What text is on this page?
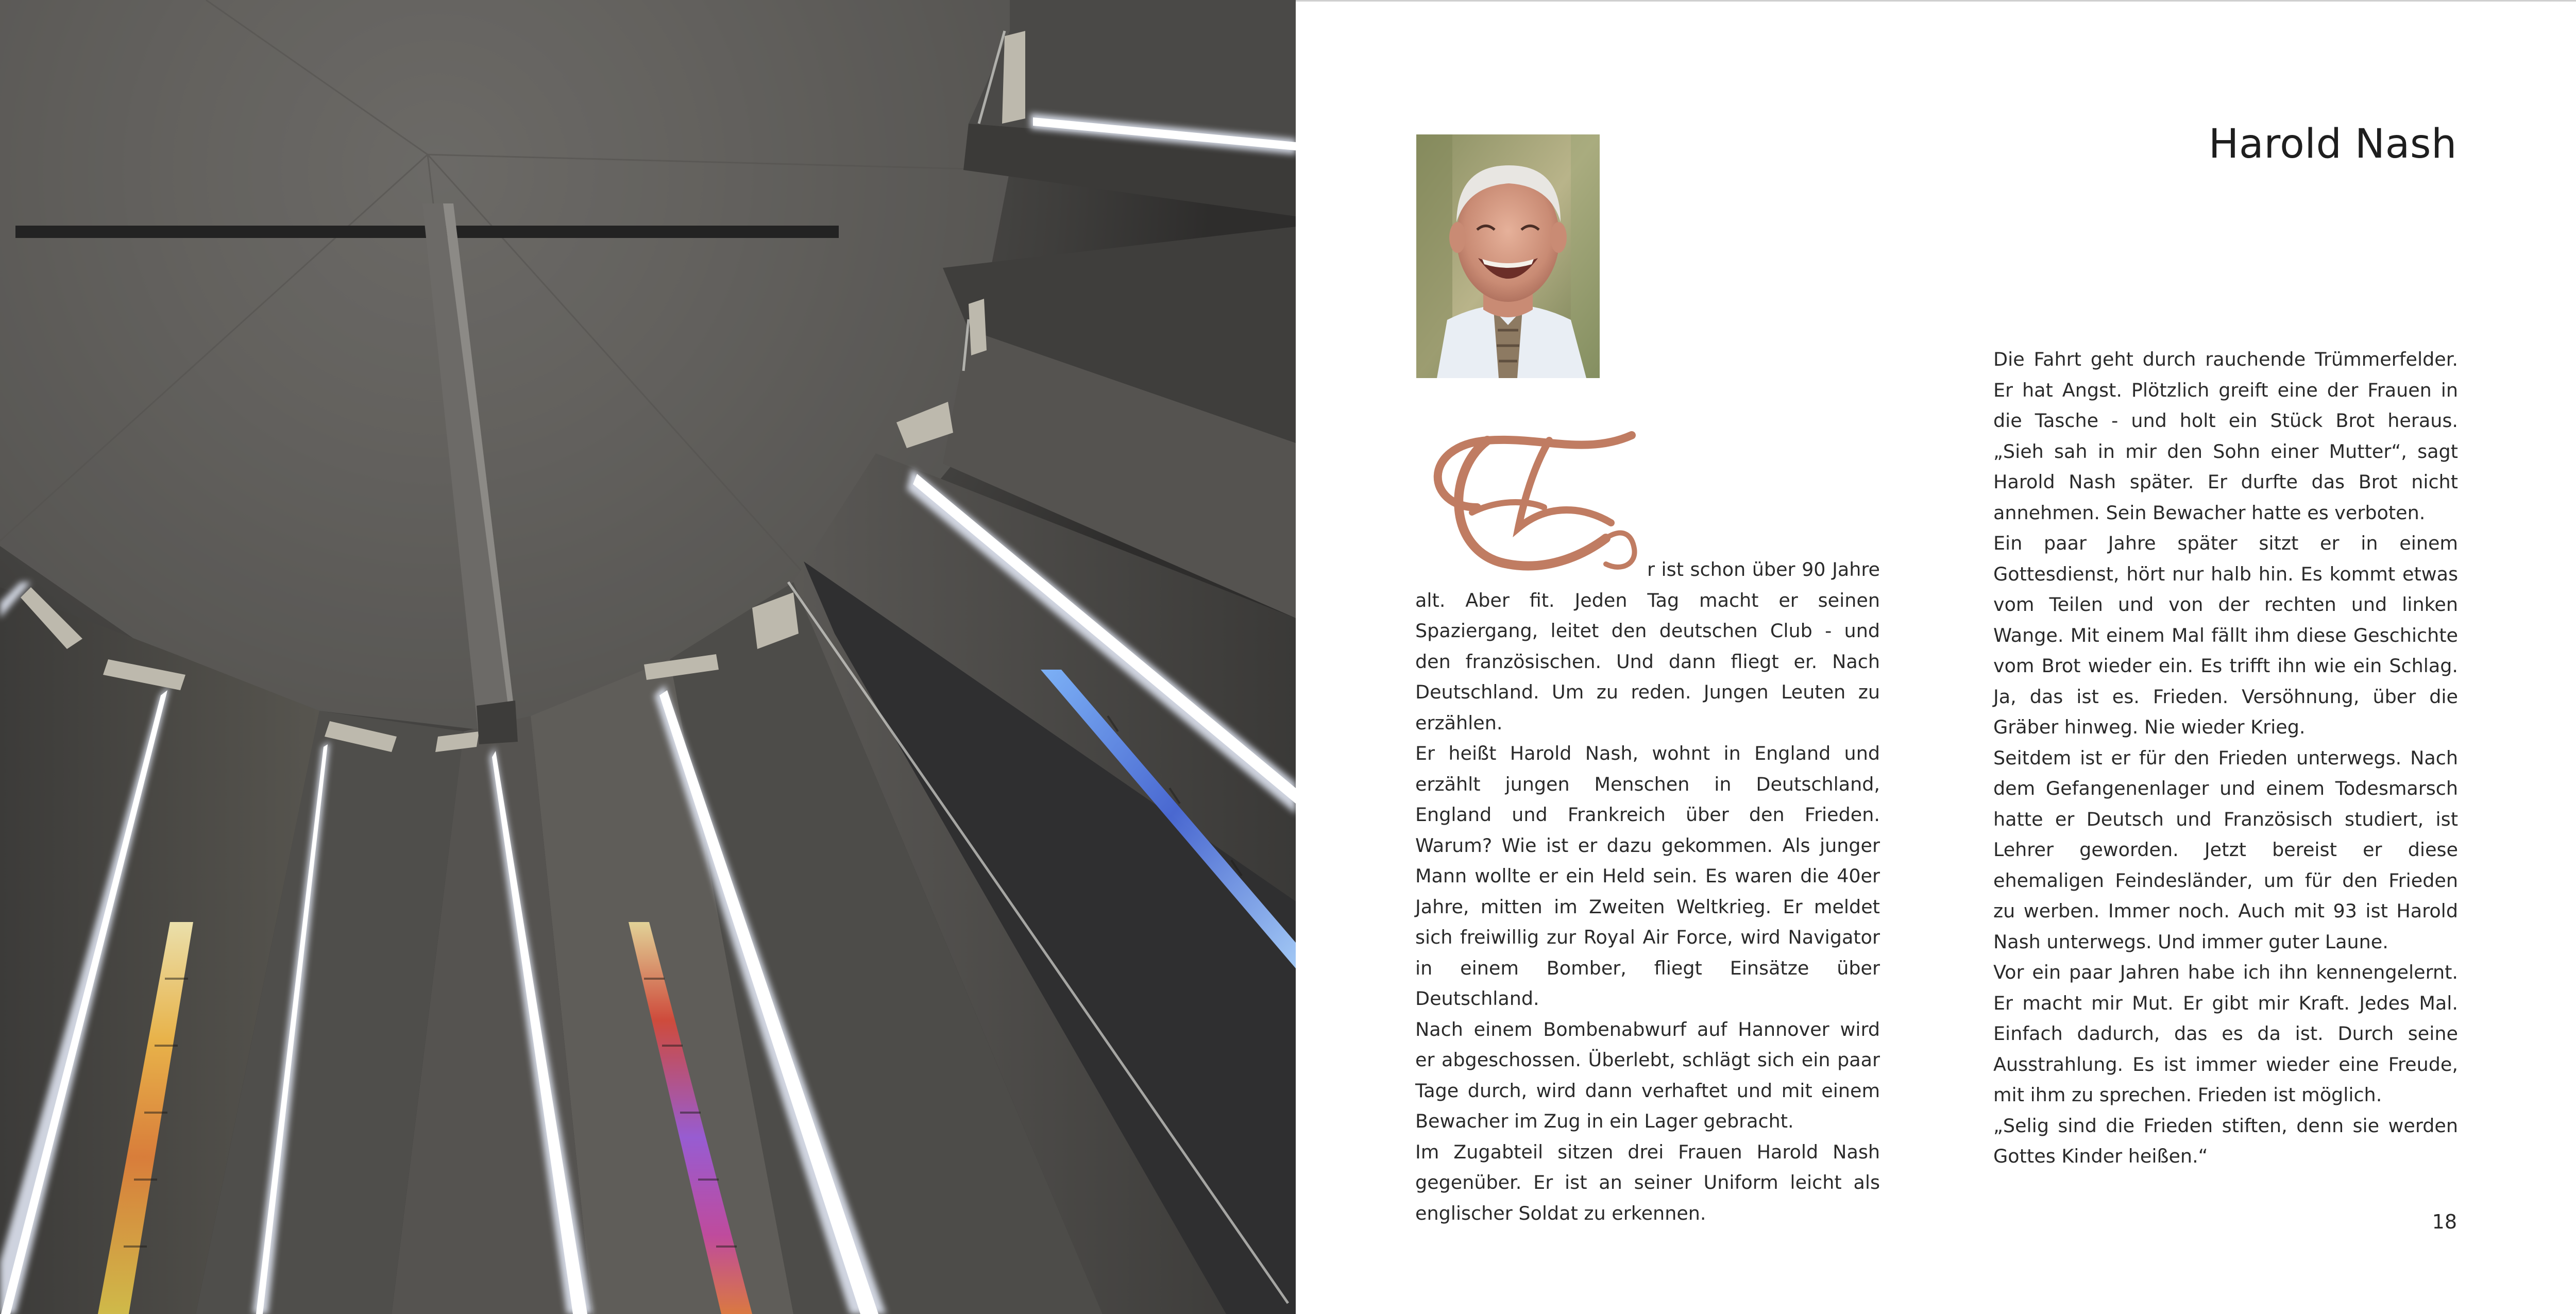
Harold Nash

r ist schon über 90 Jahre alt. Aber fit. Jeden Tag macht er seinen Spaziergang, leitet den deutschen Club - und den französischen. Und dann fliegt er. Nach Deutschland. Um zu reden. Jungen Leuten zu erzählen.

Er heißt Harold Nash, wohnt in England und erzählt jungen Menschen in Deutschland, England und Frankreich über den Frieden. Warum? Wie ist er dazu gekommen. Als junger Mann wollte er ein Held sein. Es waren die 40er Jahre, mitten im Zweiten Weltkrieg. Er meldet sich freiwillig zur Royal Air Force, wird Navigator in einem Bomber, fliegt Einsätze über Deutschland.

Nach einem Bombenabwurf auf Hannover wird er abgeschossen. Überlebt, schlägt sich ein paar Tage durch, wird dann verhaftet und mit einem Bewacher im Zug in ein Lager gebracht.

Im Zugabteil sitzen drei Frauen Harold Nash gegenüber. Er ist an seiner Uniform leicht als englischer Soldat zu erkennen.

Die Fahrt geht durch rauchende Trümmerfelder. Er hat Angst. Plötzlich greift eine der Frauen in die Tasche - und holt ein Stück Brot heraus. „Sieh sah in mir den Sohn einer Mutter“, sagt Harold Nash später. Er durfte das Brot nicht annehmen. Sein Bewacher hatte es verboten.

Ein paar Jahre später sitzt er in einem Gottesdienst, hört nur halb hin. Es kommt etwas vom Teilen und von der rechten und linken Wange. Mit einem Mal fällt ihm diese Geschichte vom Brot wieder ein. Es trifft ihn wie ein Schlag. Ja, das ist es. Frieden. Versöhnung, über die Gräber hinweg. Nie wieder Krieg.

Seitdem ist er für den Frieden unterwegs. Nach dem Gefangenenlager und einem Todesmarsch hatte er Deutsch und Französisch studiert, ist Lehrer geworden. Jetzt bereist er diese ehemaligen Feindesländer, um für den Frieden zu werben. Immer noch. Auch mit 93 ist Harold Nash unterwegs. Und immer guter Laune.

Vor ein paar Jahren habe ich ihn kennengelernt. Er macht mir Mut. Er gibt mir Kraft. Jedes Mal. Einfach dadurch, das es da ist. Durch seine Ausstrahlung. Es ist immer wieder eine Freude, mit ihm zu sprechen. Frieden ist möglich.

„Selig sind die Frieden stiften, denn sie werden Gottes Kinder heißen.“

18
